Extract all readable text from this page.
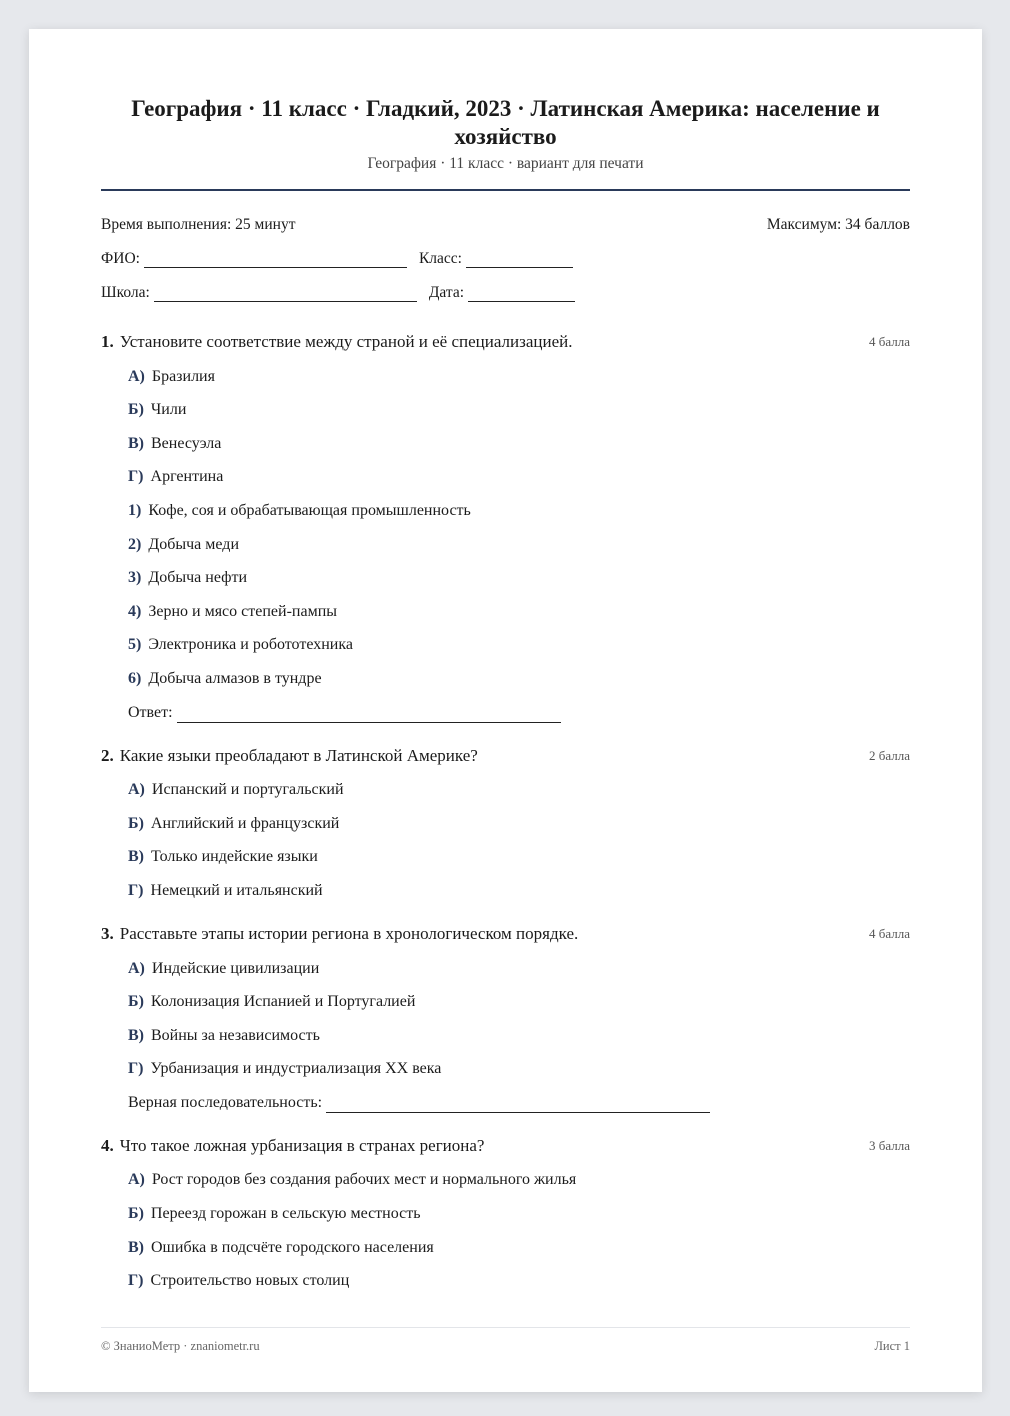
География · 11 класс · Гладкий, 2023 · Латинская Америка: население и хозяйство
География · 11 класс · вариант для печати
Время выполнения: 25 минут	Максимум: 34 баллов
ФИО:	Класс:
Школа:	Дата:
1. Установите соответствие между страной и её специализацией.	4 балла
А) Бразилия
Б) Чили
В) Венесуэла
Г) Аргентина
1) Кофе, соя и обрабатывающая промышленность
2) Добыча меди
3) Добыча нефти
4) Зерно и мясо степей-пампы
5) Электроника и робототехника
6) Добыча алмазов в тундре
Ответ:
2. Какие языки преобладают в Латинской Америке?	2 балла
А) Испанский и португальский
Б) Английский и французский
В) Только индейские языки
Г) Немецкий и итальянский
3. Расставьте этапы истории региона в хронологическом порядке.	4 балла
А) Индейские цивилизации
Б) Колонизация Испанией и Португалией
В) Войны за независимость
Г) Урбанизация и индустриализация XX века
Верная последовательность:
4. Что такое ложная урбанизация в странах региона?	3 балла
А) Рост городов без создания рабочих мест и нормального жилья
Б) Переезд горожан в сельскую местность
В) Ошибка в подсчёте городского населения
Г) Строительство новых столиц
© ЗнаниоМетр · znaniometr.ru	Лист 1
